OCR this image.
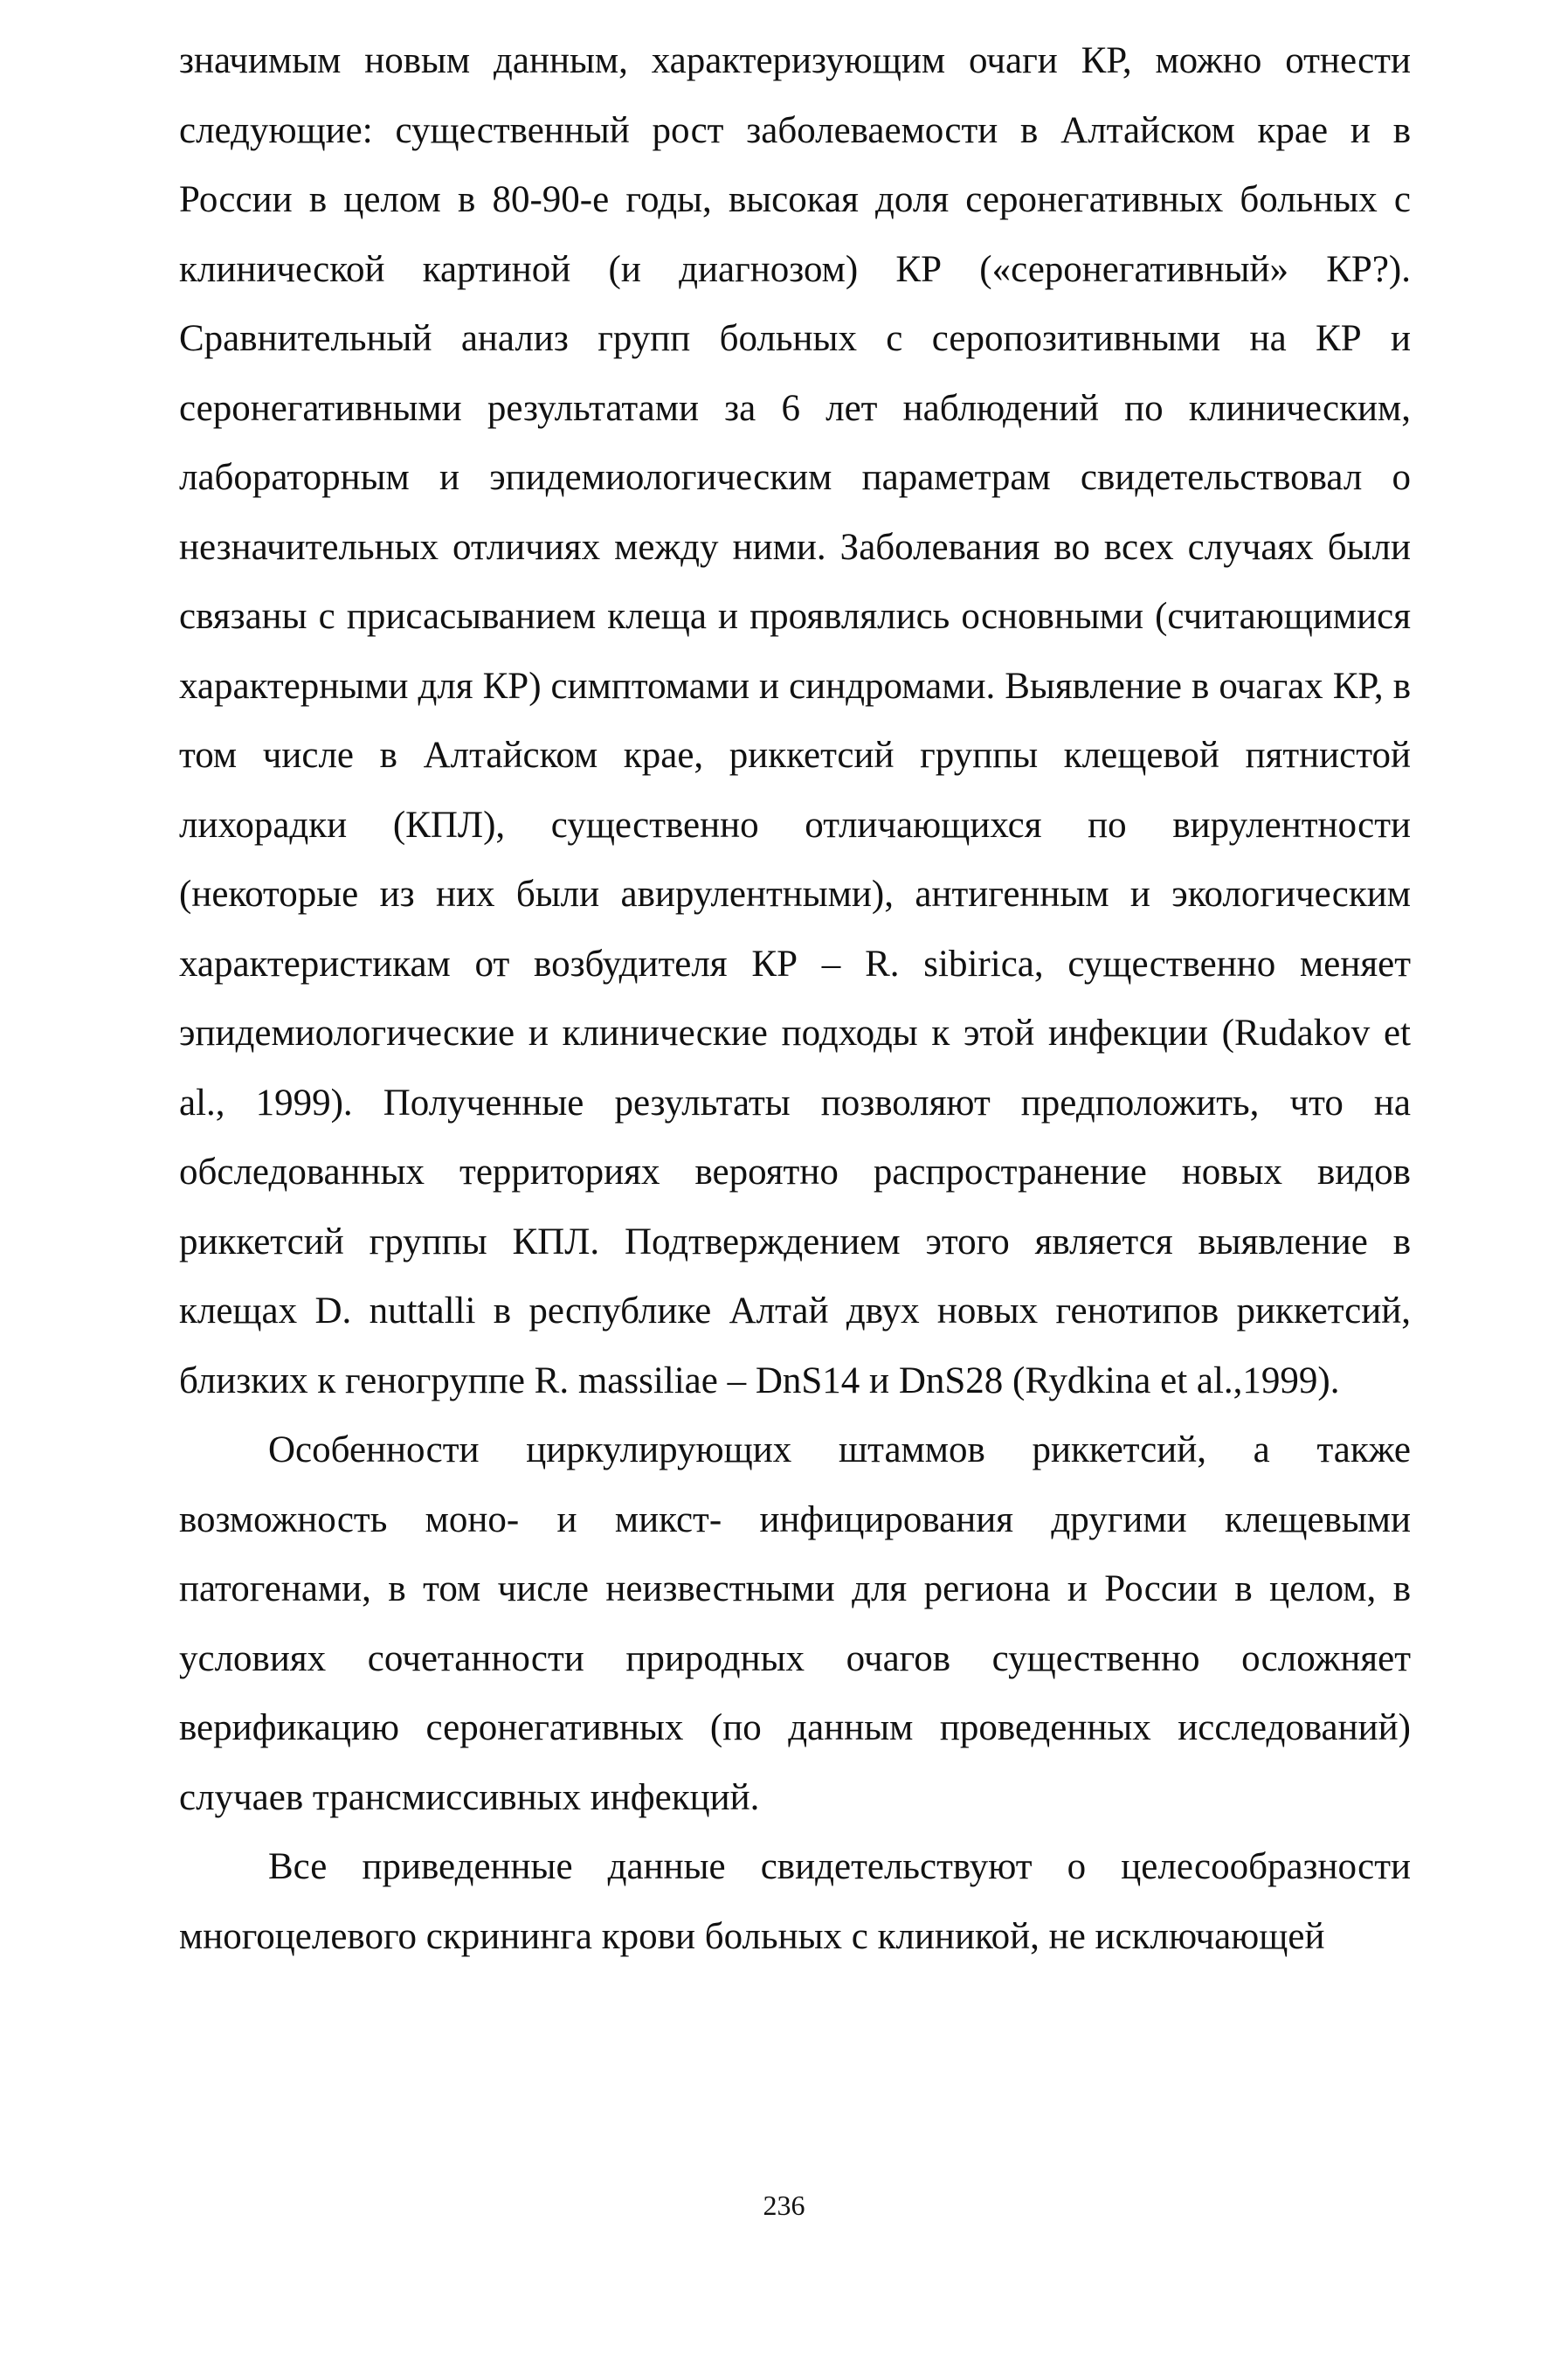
значимым новым данным, характеризующим очаги КР, можно отнести следующие: существенный рост заболеваемости в Алтайском крае и в России в целом в 80-90-е годы, высокая доля серонегативных больных с клинической картиной (и диагнозом) КР («серонегативный» КР?). Сравнительный анализ групп больных с серопозитивными на КР и серонегативными результатами за 6 лет наблюдений по клиническим, лабораторным и эпидемиологическим параметрам свидетельствовал о незначительных отличиях между ними. Заболевания во всех случаях были связаны с присасыванием клеща и проявлялись основными (считающимися характерными для КР) симптомами и синдромами. Выявление в очагах КР, в том числе в Алтайском крае, риккетсий группы клещевой пятнистой лихорадки (КПЛ), существенно отличающихся по вирулентности (некоторые из них были авирулентными), антигенным и экологическим характеристикам от возбудителя КР – R. sibirica, существенно меняет эпидемиологические и клинические подходы к этой инфекции (Rudakov et al., 1999). Полученные результаты позволяют предположить, что на обследованных территориях вероятно распространение новых видов риккетсий группы КПЛ. Подтверждением этого является выявление в клещах D. nuttalli в республике Алтай двух новых генотипов риккетсий, близких к геногруппе R. massiliae – DnS14 и DnS28 (Rydkina et al.,1999).

Особенности циркулирующих штаммов риккетсий, а также возможность моно- и микст- инфицирования другими клещевыми патогенами, в том числе неизвестными для региона и России в целом, в условиях сочетанности природных очагов существенно осложняет верификацию серонегативных (по данным проведенных исследований) случаев трансмиссивных инфекций.

Все приведенные данные свидетельствуют о целесообразности многоцелевого скрининга крови больных с клиникой, не исключающей

236
